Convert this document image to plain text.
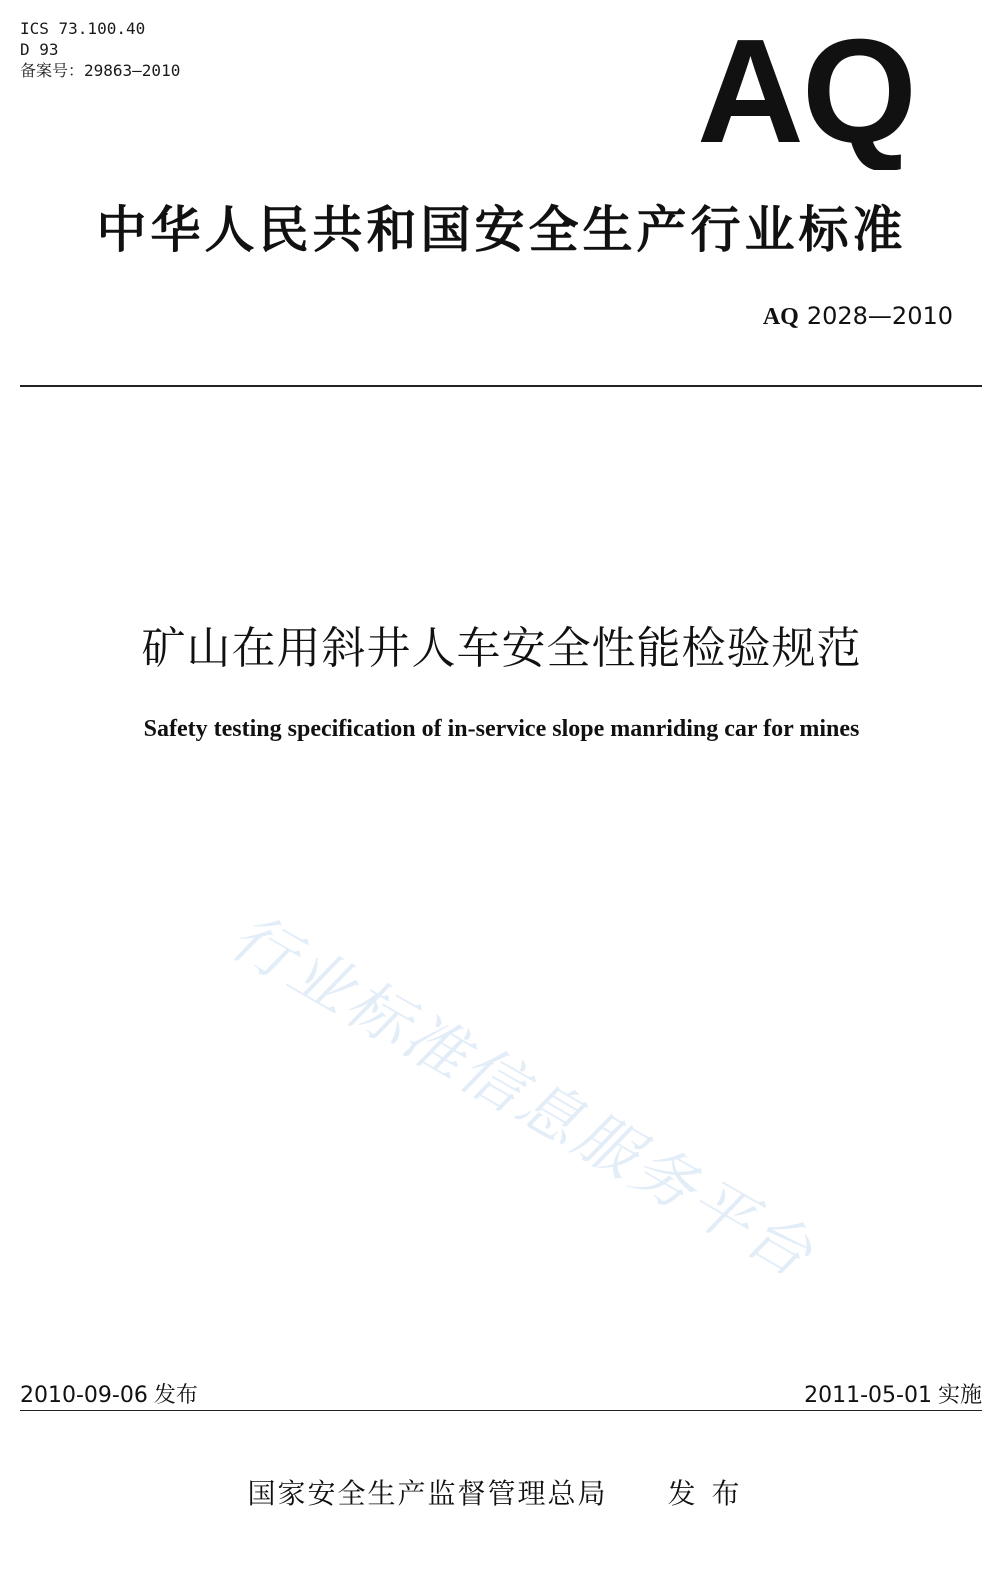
ICS 73.100.40
D 93
备案号：29863—2010	AQ
中华人民共和国安全生产行业标准
AQ 2028—2010
矿山在用斜井人车安全性能检验规范
Safety testing specification of in-service slope manriding car for mines
行业标准信息服务平台
2010-09-06 发布	2011-05-01 实施
国家安全生产监督管理总局 发布
